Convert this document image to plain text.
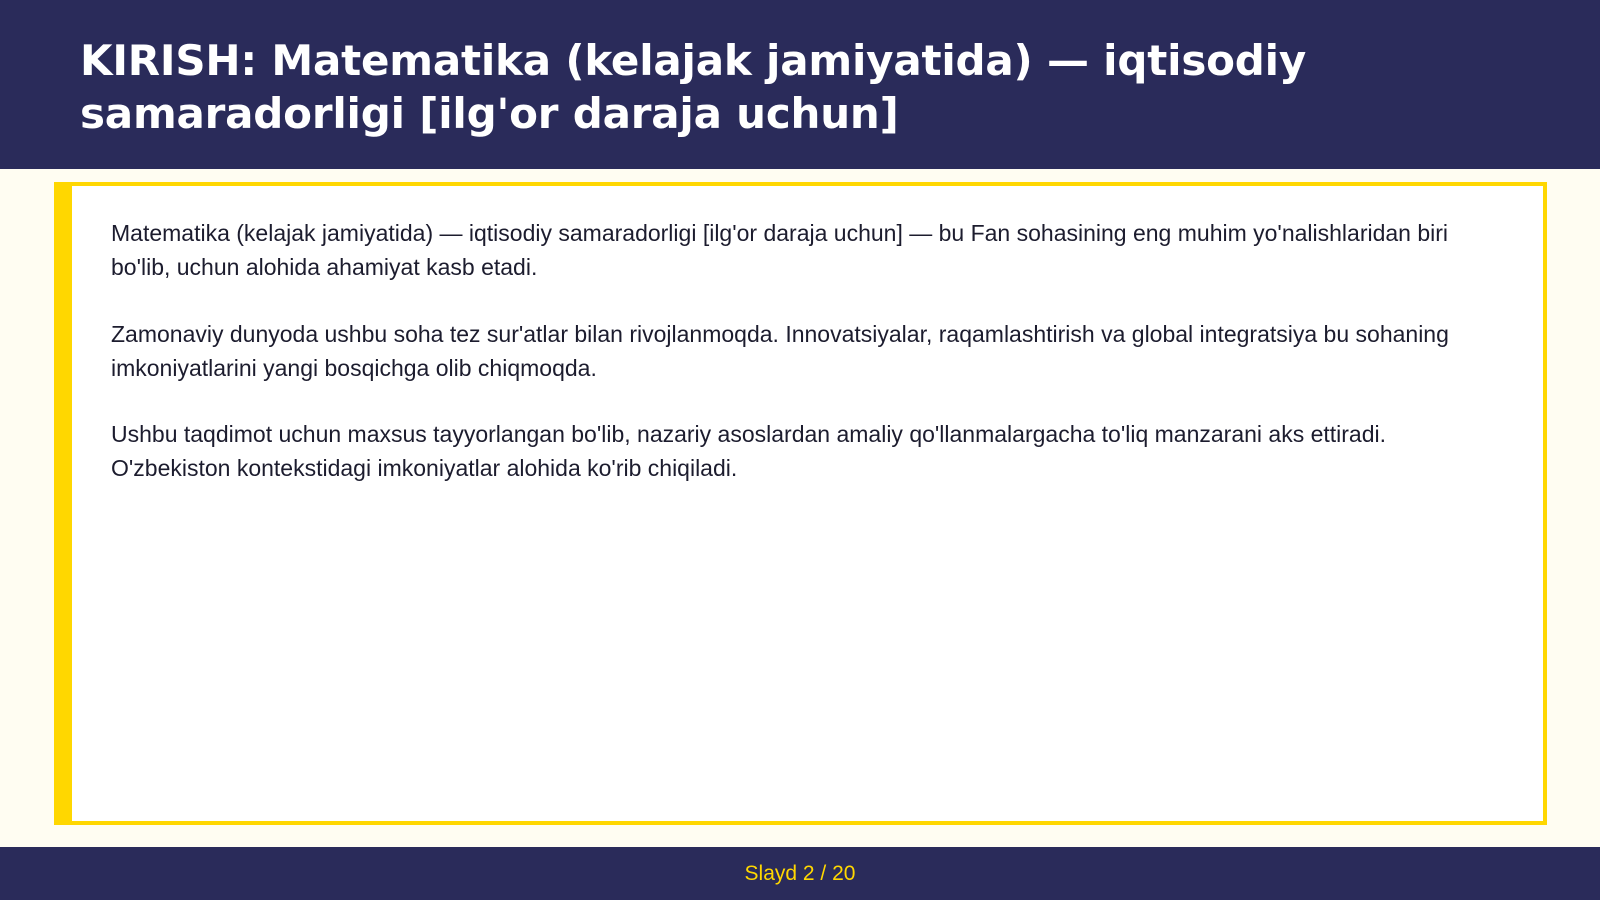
KIRISH: Matematika (kelajak jamiyatida) — iqtisodiy samaradorligi [ilg'or daraja uchun]

Matematika (kelajak jamiyatida) — iqtisodiy samaradorligi [ilg'or daraja uchun] — bu Fan sohasining eng muhim yo'nalishlaridan biri bo'lib, uchun alohida ahamiyat kasb etadi.

Zamonaviy dunyoda ushbu soha tez sur'atlar bilan rivojlanmoqda. Innovatsiyalar, raqamlashtirish va global integratsiya bu sohaning imkoniyatlarini yangi bosqichga olib chiqmoqda.

Ushbu taqdimot uchun maxsus tayyorlangan bo'lib, nazariy asoslardan amaliy qo'llanmalargacha to'liq manzarani aks ettiradi. O'zbekiston kontekstidagi imkoniyatlar alohida ko'rib chiqiladi.

Slayd 2 / 20
